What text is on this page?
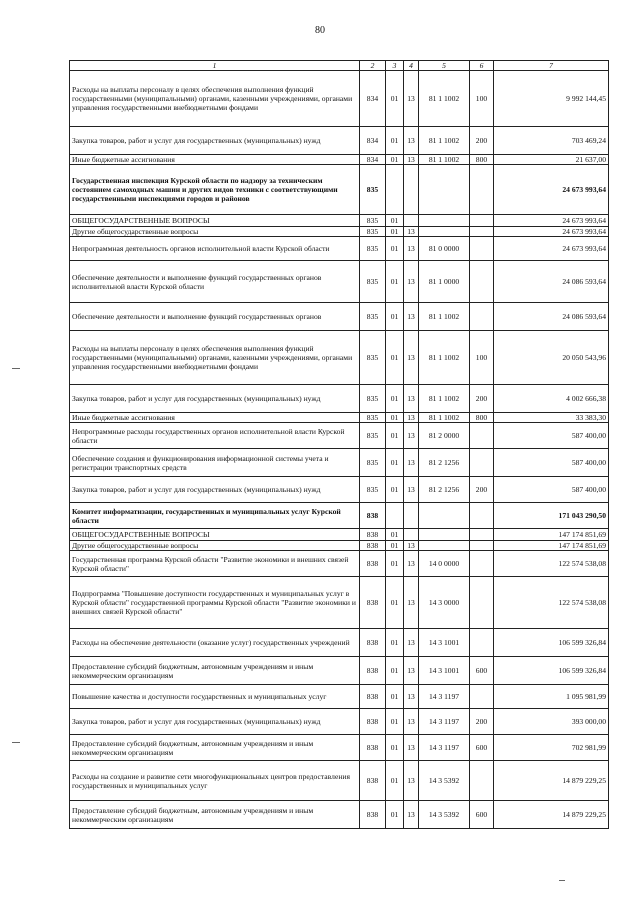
80
1	2	3	4	5	6	7
Расходы на выплаты персоналу в целях обеспечения выполнения функций государственными (муниципальными) органами, казенными учреждениями, органами управления государственными внебюджетными фондами	834	01	13	81 1 1002	100	9 992 144,45
Закупка товаров, работ и услуг для государственных (муниципальных) нужд	834	01	13	81 1 1002	200	703 469,24
Иные бюджетные ассигнования	834	01	13	81 1 1002	800	21 637,00
Государственная инспекция Курской области по надзору за техническим состоянием самоходных машин и других видов техники с соответствующими государственными инспекциями городов и районов	835					24 673 993,64
ОБЩЕГОСУДАРСТВЕННЫЕ ВОПРОСЫ	835	01				24 673 993,64
Другие общегосударственные вопросы	835	01	13			24 673 993,64
Непрограммная деятельность органов исполнительной власти Курской области	835	01	13	81 0 0000		24 673 993,64
Обеспечение деятельности и выполнение функций государственных органов исполнительной власти Курской области	835	01	13	81 1 0000		24 086 593,64
Обеспечение деятельности и выполнение функций государственных органов	835	01	13	81 1 1002		24 086 593,64
Расходы на выплаты персоналу в целях обеспечения выполнения функций государственными (муниципальными) органами, казенными учреждениями, органами управления государственными внебюджетными фондами	835	01	13	81 1 1002	100	20 050 543,96
Закупка товаров, работ и услуг для государственных (муниципальных) нужд	835	01	13	81 1 1002	200	4 002 666,38
Иные бюджетные ассигнования	835	01	13	81 1 1002	800	33 383,30
Непрограммные расходы государственных органов исполнительной власти Курской области	835	01	13	81 2 0000		587 400,00
Обеспечение создания и функционирования информационной системы учета и регистрации транспортных средств	835	01	13	81 2 1256		587 400,00
Закупка товаров, работ и услуг для государственных (муниципальных) нужд	835	01	13	81 2 1256	200	587 400,00
Комитет информатизации, государственных и муниципальных услуг Курской области	838					171 043 290,50
ОБЩЕГОСУДАРСТВЕННЫЕ ВОПРОСЫ	838	01				147 174 851,69
Другие общегосударственные вопросы	838	01	13			147 174 851,69
Государственная программа Курской области "Развитие экономики и внешних связей Курской области"	838	01	13	14 0 0000		122 574 538,08
Подпрограмма "Повышение доступности государственных и муниципальных услуг в Курской области" государственной программы Курской области "Развитие экономики и внешних связей Курской области"	838	01	13	14 3 0000		122 574 538,08
Расходы на обеспечение деятельности (оказание услуг) государственных учреждений	838	01	13	14 3 1001		106 599 326,84
Предоставление субсидий бюджетным, автономным учреждениям и иным некоммерческим организациям	838	01	13	14 3 1001	600	106 599 326,84
Повышение качества и доступности государственных и муниципальных услуг	838	01	13	14 3 1197		1 095 981,99
Закупка товаров, работ и услуг для государственных (муниципальных) нужд	838	01	13	14 3 1197	200	393 000,00
Предоставление субсидий бюджетным, автономным учреждениям и иным некоммерческим организациям	838	01	13	14 3 1197	600	702 981,99
Расходы на создание и развитие сети многофункциональных центров предоставления государственных и муниципальных услуг	838	01	13	14 3 5392		14 879 229,25
Предоставление субсидий бюджетным, автономным учреждениям и иным некоммерческим организациям	838	01	13	14 3 5392	600	14 879 229,25
